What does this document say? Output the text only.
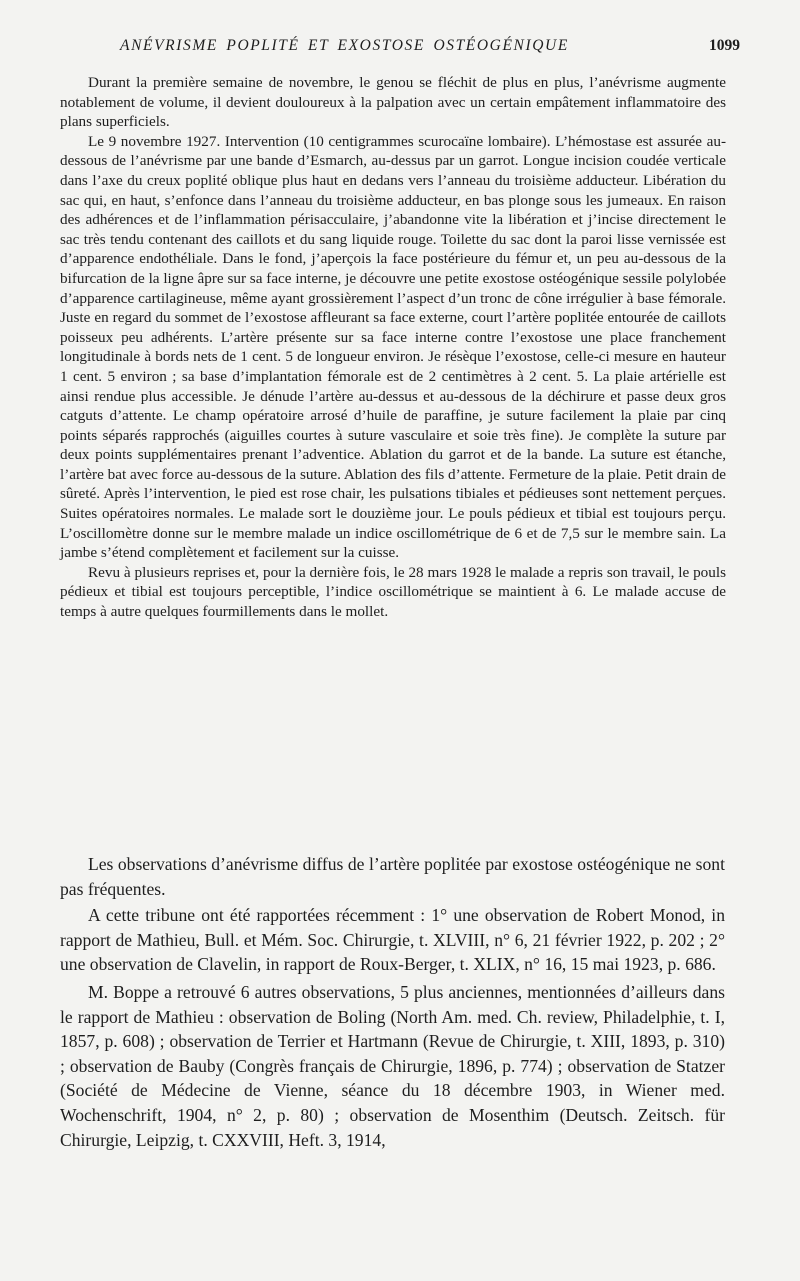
ANÉVRISME POPLITÉ ET EXOSTOSE OSTÉOGÉNIQUE	1099

Durant la première semaine de novembre, le genou se fléchit de plus en plus, l’anévrisme augmente notablement de volume, il devient douloureux à la palpation avec un certain empâtement inflammatoire des plans superficiels.

Le 9 novembre 1927. Intervention (10 centigrammes scurocaïne lombaire). L’hémostase est assurée au-dessous de l’anévrisme par une bande d’Esmarch, au-dessus par un garrot. Longue incision coudée verticale dans l’axe du creux poplité oblique plus haut en dedans vers l’anneau du troisième adducteur. Libération du sac qui, en haut, s’enfonce dans l’anneau du troisième adducteur, en bas plonge sous les jumeaux. En raison des adhérences et de l’inflammation périsacculaire, j’abandonne vite la libération et j’incise directement le sac très tendu contenant des caillots et du sang liquide rouge. Toilette du sac dont la paroi lisse vernissée est d’apparence endothéliale. Dans le fond, j’aperçois la face postérieure du fémur et, un peu au-dessous de la bifurcation de la ligne âpre sur sa face interne, je découvre une petite exostose ostéogénique sessile polylobée d’apparence cartilagineuse, même ayant grossièrement l’aspect d’un tronc de cône irrégulier à base fémorale. Juste en regard du sommet de l’exostose affleurant sa face externe, court l’artère poplitée entourée de caillots poisseux peu adhérents. L’artère présente sur sa face interne contre l’exostose une place franchement longitudinale à bords nets de 1 cent. 5 de longueur environ. Je résèque l’exostose, celle-ci mesure en hauteur 1 cent. 5 environ ; sa base d’implantation fémorale est de 2 centimètres à 2 cent. 5. La plaie artérielle est ainsi rendue plus accessible. Je dénude l’artère au-dessus et au-dessous de la déchirure et passe deux gros catguts d’attente. Le champ opératoire arrosé d’huile de paraffine, je suture facilement la plaie par cinq points séparés rapprochés (aiguilles courtes à suture vasculaire et soie très fine). Je complète la suture par deux points supplémentaires prenant l’adventice. Ablation du garrot et de la bande. La suture est étanche, l’artère bat avec force au-dessous de la suture. Ablation des fils d’attente. Fermeture de la plaie. Petit drain de sûreté. Après l’intervention, le pied est rose chair, les pulsations tibiales et pédieuses sont nettement perçues. Suites opératoires normales. Le malade sort le douzième jour. Le pouls pédieux et tibial est toujours perçu. L’oscillomètre donne sur le membre malade un indice oscillométrique de 6 et de 7,5 sur le membre sain. La jambe s’étend complètement et facilement sur la cuisse.

Revu à plusieurs reprises et, pour la dernière fois, le 28 mars 1928 le malade a repris son travail, le pouls pédieux et tibial est toujours perceptible, l’indice oscillométrique se maintient à 6. Le malade accuse de temps à autre quelques fourmillements dans le mollet.

Les observations d’anévrisme diffus de l’artère poplitée par exostose ostéogénique ne sont pas fréquentes.

A cette tribune ont été rapportées récemment : 1° une observation de Robert Monod, in rapport de Mathieu, Bull. et Mém. Soc. Chirurgie, t. XLVIII, n° 6, 21 février 1922, p. 202 ; 2° une observation de Clavelin, in rapport de Roux-Berger, t. XLIX, n° 16, 15 mai 1923, p. 686.

M. Boppe a retrouvé 6 autres observations, 5 plus anciennes, mentionnées d’ailleurs dans le rapport de Mathieu : observation de Boling (North Am. med. Ch. review, Philadelphie, t. I, 1857, p. 608) ; observation de Terrier et Hartmann (Revue de Chirurgie, t. XIII, 1893, p. 310) ; observation de Bauby (Congrès français de Chirurgie, 1896, p. 774) ; observation de Statzer (Société de Médecine de Vienne, séance du 18 décembre 1903, in Wiener med. Wochenschrift, 1904, n° 2, p. 80) ; observation de Mosenthim (Deutsch. Zeitsch. für Chirurgie, Leipzig, t. CXXVIII, Heft. 3, 1914,
